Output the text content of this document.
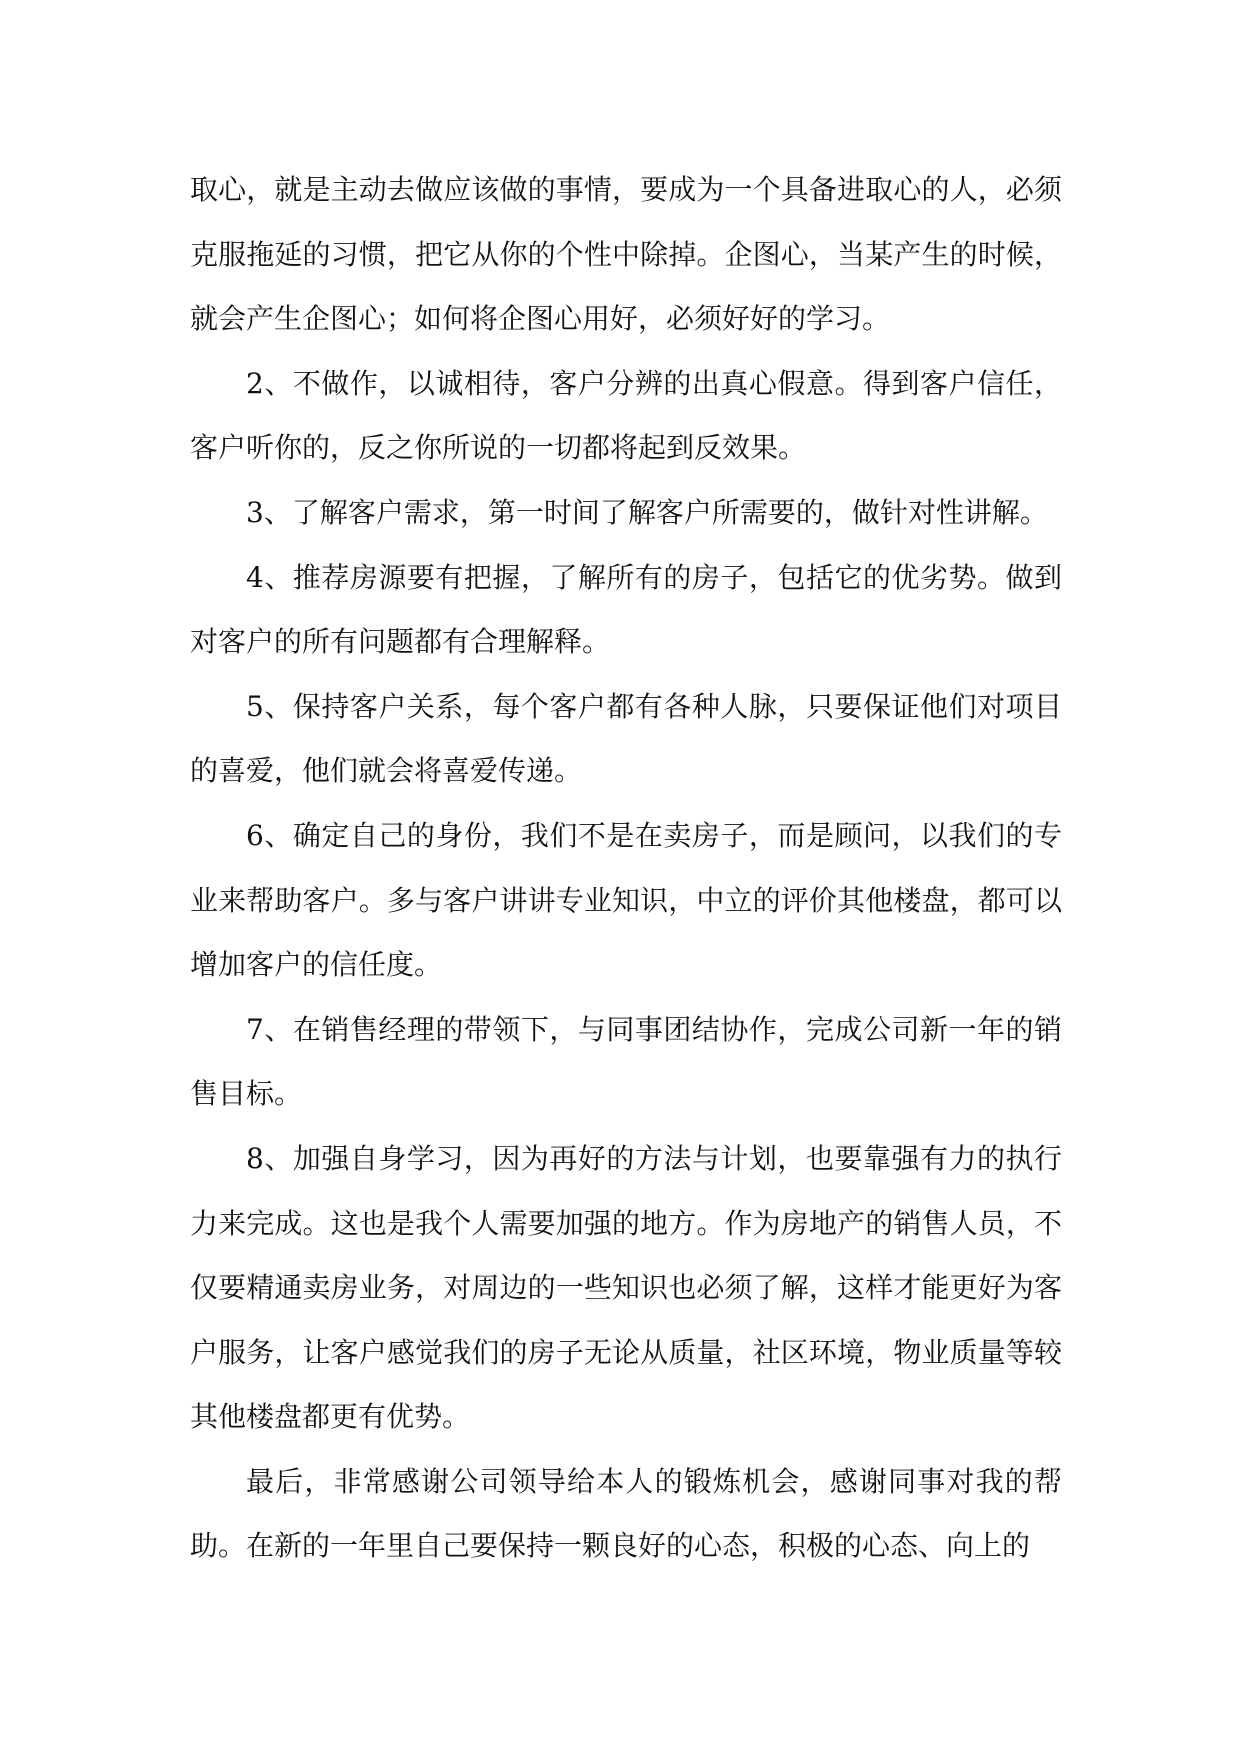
取心，就是主动去做应该做的事情，要成为一个具备进取心的人，必须克服拖延的习惯，把它从你的个性中除掉。企图心，当某产生的时候，就会产生企图心；如何将企图心用好，必须好好的学习。

2、不做作，以诚相待，客户分辨的出真心假意。得到客户信任，客户听你的，反之你所说的一切都将起到反效果。

3、了解客户需求，第一时间了解客户所需要的，做针对性讲解。

4、推荐房源要有把握，了解所有的房子，包括它的优劣势。做到对客户的所有问题都有合理解释。

5、保持客户关系，每个客户都有各种人脉，只要保证他们对项目的喜爱，他们就会将喜爱传递。

6、确定自己的身份，我们不是在卖房子，而是顾问，以我们的专业来帮助客户。多与客户讲讲专业知识，中立的评价其他楼盘，都可以增加客户的信任度。

7、在销售经理的带领下，与同事团结协作，完成公司新一年的销售目标。

8、加强自身学习，因为再好的方法与计划，也要靠强有力的执行力来完成。这也是我个人需要加强的地方。作为房地产的销售人员，不仅要精通卖房业务，对周边的一些知识也必须了解，这样才能更好为客户服务，让客户感觉我们的房子无论从质量，社区环境，物业质量等较其他楼盘都更有优势。

最后，非常感谢公司领导给本人的锻炼机会，感谢同事对我的帮助。在新的一年里自己要保持一颗良好的心态，积极的心态、向上的
